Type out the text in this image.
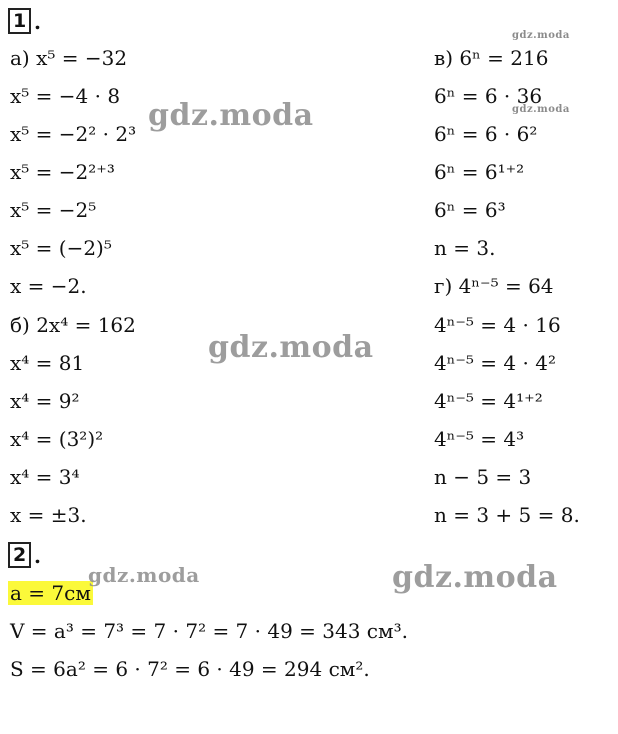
1 .
а) x⁵ = −32
x⁵ = −4 · 8
x⁵ = −2² · 2³
x⁵ = −2²⁺³
x⁵ = −2⁵
x⁵ = (−2)⁵
x = −2.
б) 2x⁴ = 162
x⁴ = 81
x⁴ = 9²
x⁴ = (3²)²
x⁴ = 3⁴
x = ±3.
в) 6ⁿ = 216
6ⁿ = 6 · 36
6ⁿ = 6 · 6²
6ⁿ = 6¹⁺²
6ⁿ = 6³
n = 3.
г) 4ⁿ⁻⁵ = 64
4ⁿ⁻⁵ = 4 · 16
4ⁿ⁻⁵ = 4 · 4²
4ⁿ⁻⁵ = 4¹⁺²
4ⁿ⁻⁵ = 4³
n − 5 = 3
n = 3 + 5 = 8.
2 .
a = 7см
V = a³ = 7³ = 7 · 7² = 7 · 49 = 343 см³.
S = 6a² = 6 · 7² = 6 · 49 = 294 см².
gdz.moda
gdz.moda
gdz.moda
gdz.moda
gdz.moda	gdz.moda
